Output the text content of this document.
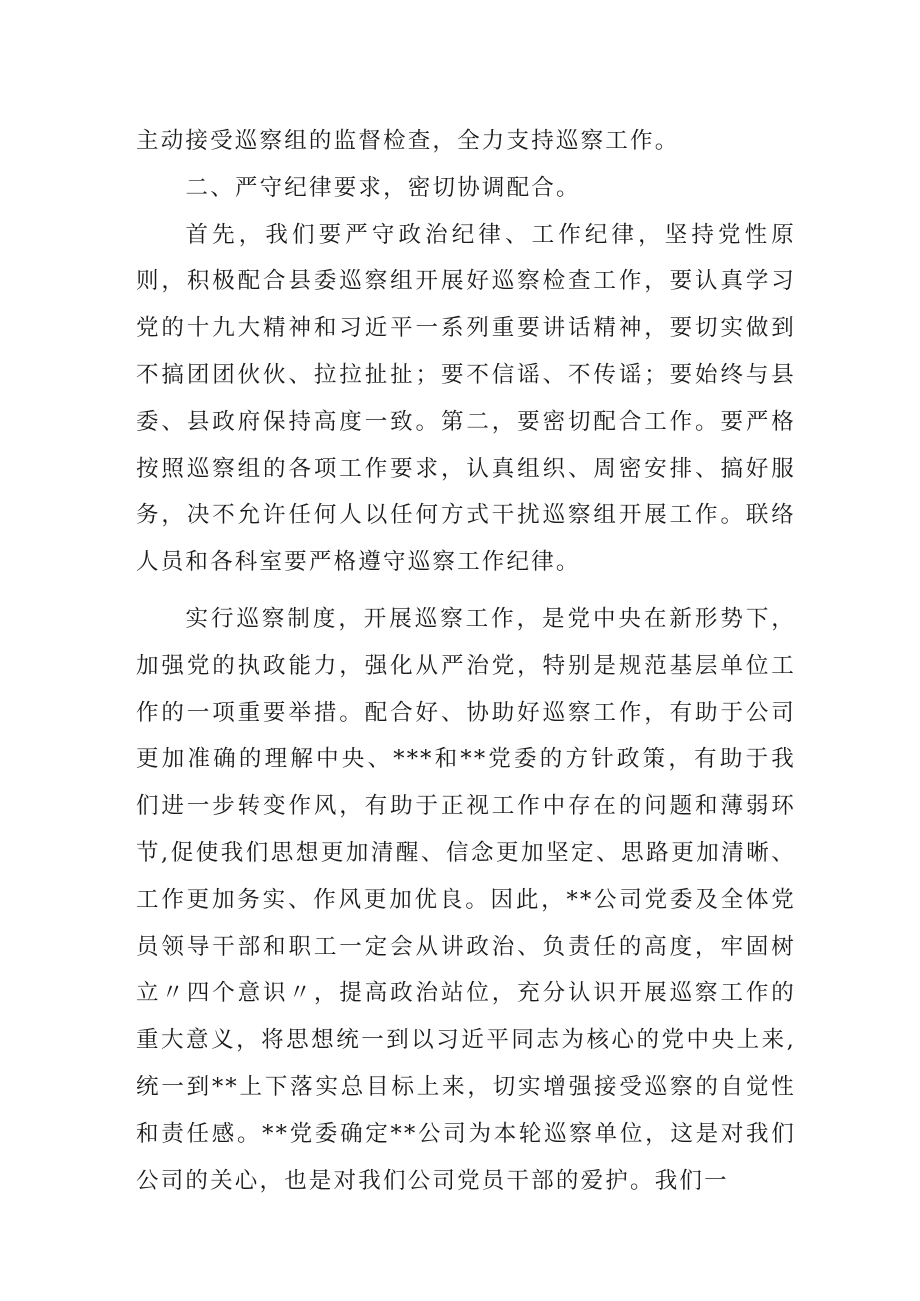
主动接受巡察组的监督检查，全力支持巡察工作。

二、严守纪律要求，密切协调配合。

首先，我们要严守政治纪律、工作纪律，坚持党性原则，积极配合县委巡察组开展好巡察检查工作，要认真学习党的十九大精神和习近平一系列重要讲话精神，要切实做到不搞团团伙伙、拉拉扯扯；要不信谣、不传谣；要始终与县委、县政府保持高度一致。第二，要密切配合工作。要严格按照巡察组的各项工作要求，认真组织、周密安排、搞好服务，决不允许任何人以任何方式干扰巡察组开展工作。联络人员和各科室要严格遵守巡察工作纪律。

实行巡察制度，开展巡察工作，是党中央在新形势下，加强党的执政能力，强化从严治党，特别是规范基层单位工作的一项重要举措。配合好、协助好巡察工作，有助于公司更加准确的理解中央、***和**党委的方针政策，有助于我们进一步转变作风，有助于正视工作中存在的问题和薄弱环节,促使我们思想更加清醒、信念更加坚定、思路更加清晰、工作更加务实、作风更加优良。因此，**公司党委及全体党员领导干部和职工一定会从讲政治、负责任的高度，牢固树立〃四个意识〃，提高政治站位，充分认识开展巡察工作的重大意义，将思想统一到以习近平同志为核心的党中央上来,统一到**上下落实总目标上来，切实增强接受巡察的自觉性和责任感。**党委确定**公司为本轮巡察单位，这是对我们公司的关心，也是对我们公司党员干部的爱护。我们一
